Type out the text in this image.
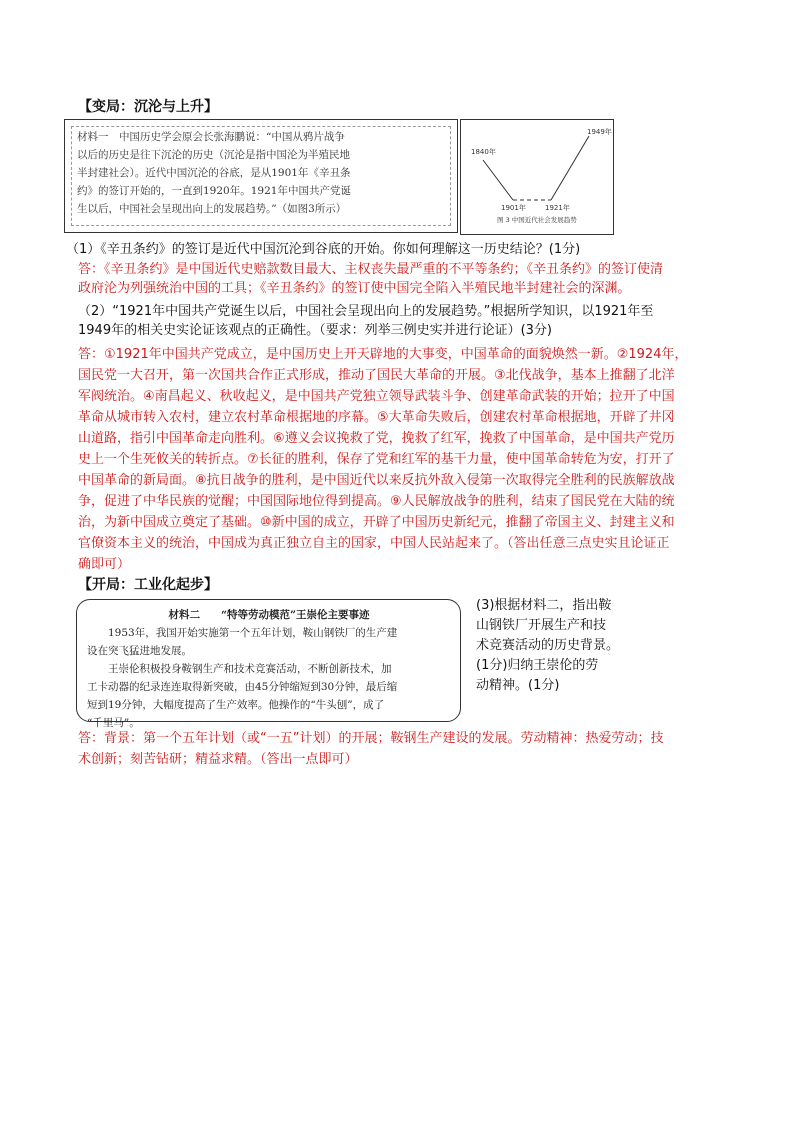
【变局：沉沦与上升】
材料一　中国历史学会原会长张海鹏说：“中国从鸦片战争
以后的历史是往下沉沦的历史（沉沦是指中国沦为半殖民地
半封建社会）。近代中国沉沦的谷底，是从1901年《辛丑条
约》的签订开始的，一直到1920年。1921年中国共产党诞
生以后，中国社会呈现出向上的发展趋势。”（如图3所示）
1840年
1901年	1921年
1949年
图 3 中国近代社会发展趋势
（1）《辛丑条约》的签订是近代中国沉沦到谷底的开始。你如何理解这一历史结论？(1分)
答：《辛丑条约》是中国近代史赔款数目最大、主权丧失最严重的不平等条约；《辛丑条约》的签订使清
政府沦为列强统治中国的工具；《辛丑条约》的签订使中国完全陷入半殖民地半封建社会的深渊。
（2）“1921年中国共产党诞生以后，中国社会呈现出向上的发展趋势。”根据所学知识，以1921年至
1949年的相关史实论证该观点的正确性。（要求：列举三例史实并进行论证）(3分)
答：①1921年中国共产党成立，是中国历史上开天辟地的大事变，中国革命的面貌焕然一新。②1924年，
国民党一大召开，第一次国共合作正式形成，推动了国民大革命的开展。③北伐战争，基本上推翻了北洋
军阀统治。④南昌起义、秋收起义，是中国共产党独立领导武装斗争、创建革命武装的开始；拉开了中国
革命从城市转入农村，建立农村革命根据地的序幕。⑤大革命失败后，创建农村革命根据地，开辟了井冈
山道路，指引中国革命走向胜利。⑥遵义会议挽救了党，挽救了红军，挽救了中国革命，是中国共产党历
史上一个生死攸关的转折点。⑦长征的胜利，保存了党和红军的基干力量，使中国革命转危为安，打开了
中国革命的新局面。⑧抗日战争的胜利，是中国近代以来反抗外敌入侵第一次取得完全胜利的民族解放战
争，促进了中华民族的觉醒；中国国际地位得到提高。⑨人民解放战争的胜利，结束了国民党在大陆的统
治，为新中国成立奠定了基础。⑩新中国的成立，开辟了中国历史新纪元，推翻了帝国主义、封建主义和
官僚资本主义的统治，中国成为真正独立自主的国家，中国人民站起来了。（答出任意三点史实且论证正
确即可）
【开局：工业化起步】
材料二　　“特等劳动模范”王崇伦主要事迹
　　1953年，我国开始实施第一个五年计划，鞍山钢铁厂的生产建
设在突飞猛进地发展。
　　王崇伦积极投身鞍钢生产和技术竞赛活动，不断创新技术，加
工卡动器的纪录连连取得新突破，由45分钟缩短到30分钟，最后缩
短到19分钟，大幅度提高了生产效率。他操作的“牛头刨”，成了
“千里马”。
(3)根据材料二，指出鞍
山钢铁厂开展生产和技
术竞赛活动的历史背景。
(1分)归纳王崇伦的劳
动精神。(1分)
答：背景：第一个五年计划（或“一五”计划）的开展；鞍钢生产建设的发展。劳动精神：热爱劳动；技
术创新；刻苦钻研；精益求精。（答出一点即可）
